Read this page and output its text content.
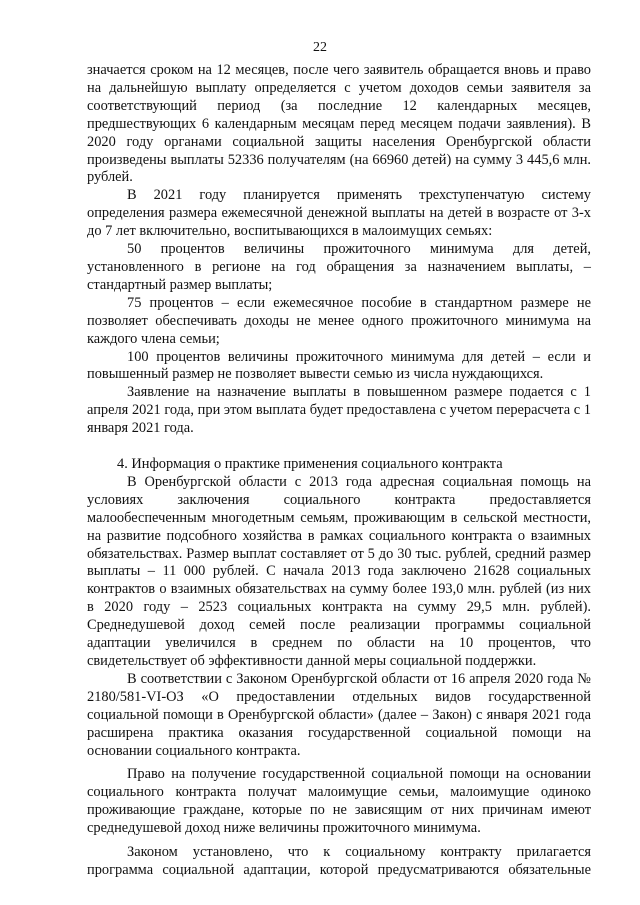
22

значается сроком на 12 месяцев, после чего заявитель обращается вновь и право на дальнейшую выплату определяется с учетом доходов семьи заявителя за соответствующий период (за последние 12 календарных месяцев, предшествующих 6 календарным месяцам перед месяцем подачи заявления). В 2020 году органами социальной защиты населения Оренбургской области произведены выплаты 52336 получателям (на 66960 детей) на сумму 3 445,6 млн. рублей.

В 2021 году планируется применять трехступенчатую систему определения размера ежемесячной денежной выплаты на детей в возрасте от 3-х до 7 лет включительно, воспитывающихся в малоимущих семьях:

50 процентов величины прожиточного минимума для детей, установленного в регионе на год обращения за назначением выплаты, – стандартный размер выплаты;

75 процентов – если ежемесячное пособие в стандартном размере не позволяет обеспечивать доходы не менее одного прожиточного минимума на каждого члена семьи;

100 процентов величины прожиточного минимума для детей – если и повышенный размер не позволяет вывести семью из числа нуждающихся.

Заявление на назначение выплаты в повышенном размере подается с 1 апреля 2021 года, при этом выплата будет предоставлена с учетом перерасчета с 1 января 2021 года.

4. Информация о практике применения социального контракта

В Оренбургской области с 2013 года адресная социальная помощь на условиях заключения социального контракта предоставляется малообеспеченным многодетным семьям, проживающим в сельской местности, на развитие подсобного хозяйства в рамках социального контракта о взаимных обязательствах. Размер выплат составляет от 5 до 30 тыс. рублей, средний размер выплаты – 11 000 рублей. С начала 2013 года заключено 21628 социальных контрактов о взаимных обязательствах на сумму более 193,0 млн. рублей (из них в 2020 году – 2523 социальных контракта на сумму 29,5 млн. рублей). Среднедушевой доход семей после реализации программы социальной адаптации увеличился в среднем по области на 10 процентов, что свидетельствует об эффективности данной меры социальной поддержки.

В соответствии с Законом Оренбургской области от 16 апреля 2020 года № 2180/581-VI-ОЗ «О предоставлении отдельных видов государственной социальной помощи в Оренбургской области» (далее – Закон) с января 2021 года расширена практика оказания государственной социальной помощи на основании социального контракта.

Право на получение государственной социальной помощи на основании социального контракта получат малоимущие семьи, малоимущие одиноко проживающие граждане, которые по не зависящим от них причинам имеют среднедушевой доход ниже величины прожиточного минимума.

Законом установлено, что к социальному контракту прилагается программа социальной адаптации, которой предусматриваются обязательные
